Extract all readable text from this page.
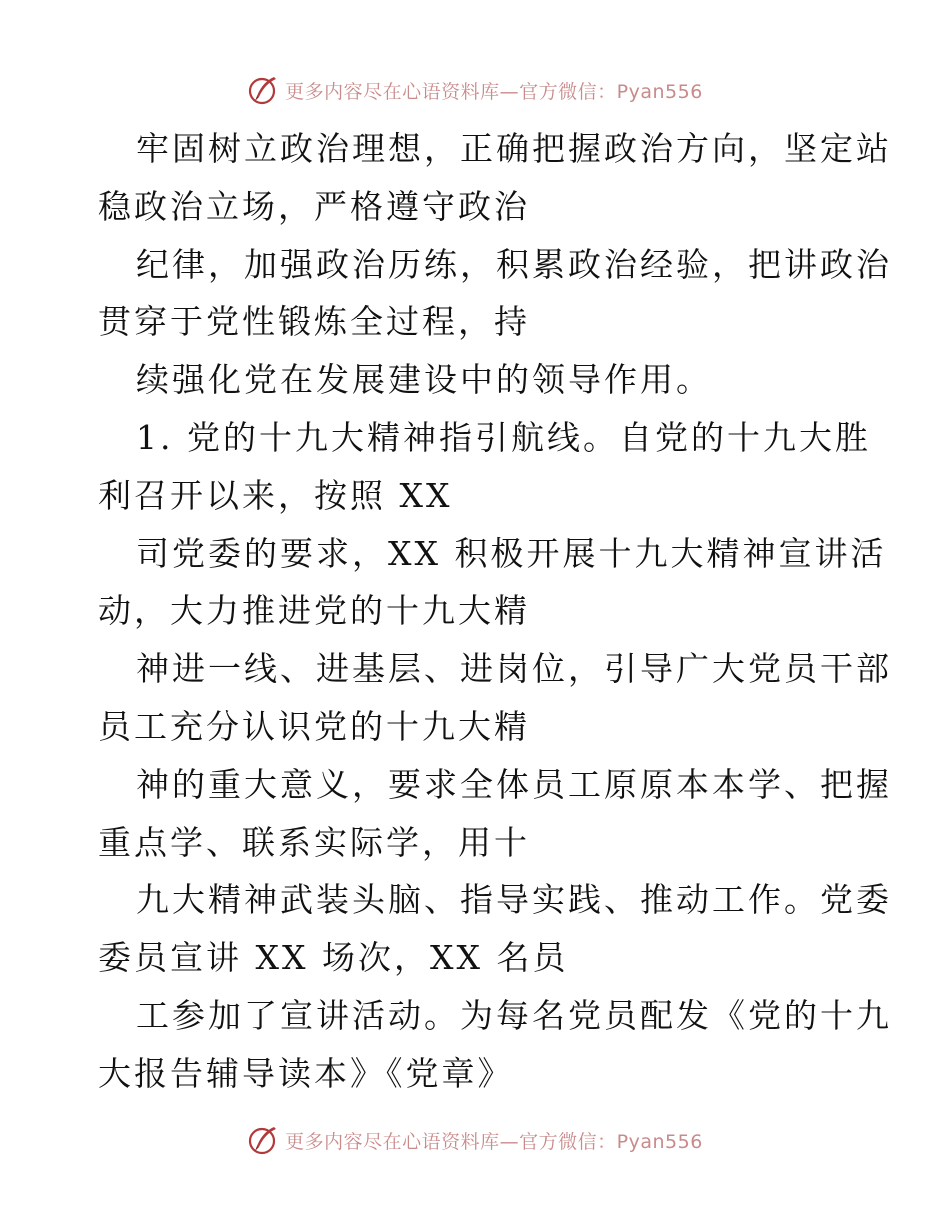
更多内容尽在心语资料库—官方微信：Pyan556
牢固树立政治理想，正确把握政治方向，坚定站
稳政治立场，严格遵守政治
纪律，加强政治历练，积累政治经验，把讲政治
贯穿于党性锻炼全过程，持
续强化党在发展建设中的领导作用。
1. 党的十九大精神指引航线。自党的十九大胜
利召开以来，按照 XX
司党委的要求，XX 积极开展十九大精神宣讲活
动，大力推进党的十九大精
神进一线、进基层、进岗位，引导广大党员干部
员工充分认识党的十九大精
神的重大意义，要求全体员工原原本本学、把握
重点学、联系实际学，用十
九大精神武装头脑、指导实践、推动工作。党委
委员宣讲 XX 场次，XX 名员
工参加了宣讲活动。为每名党员配发《党的十九
大报告辅导读本》《党章》
更多内容尽在心语资料库—官方微信：Pyan556
